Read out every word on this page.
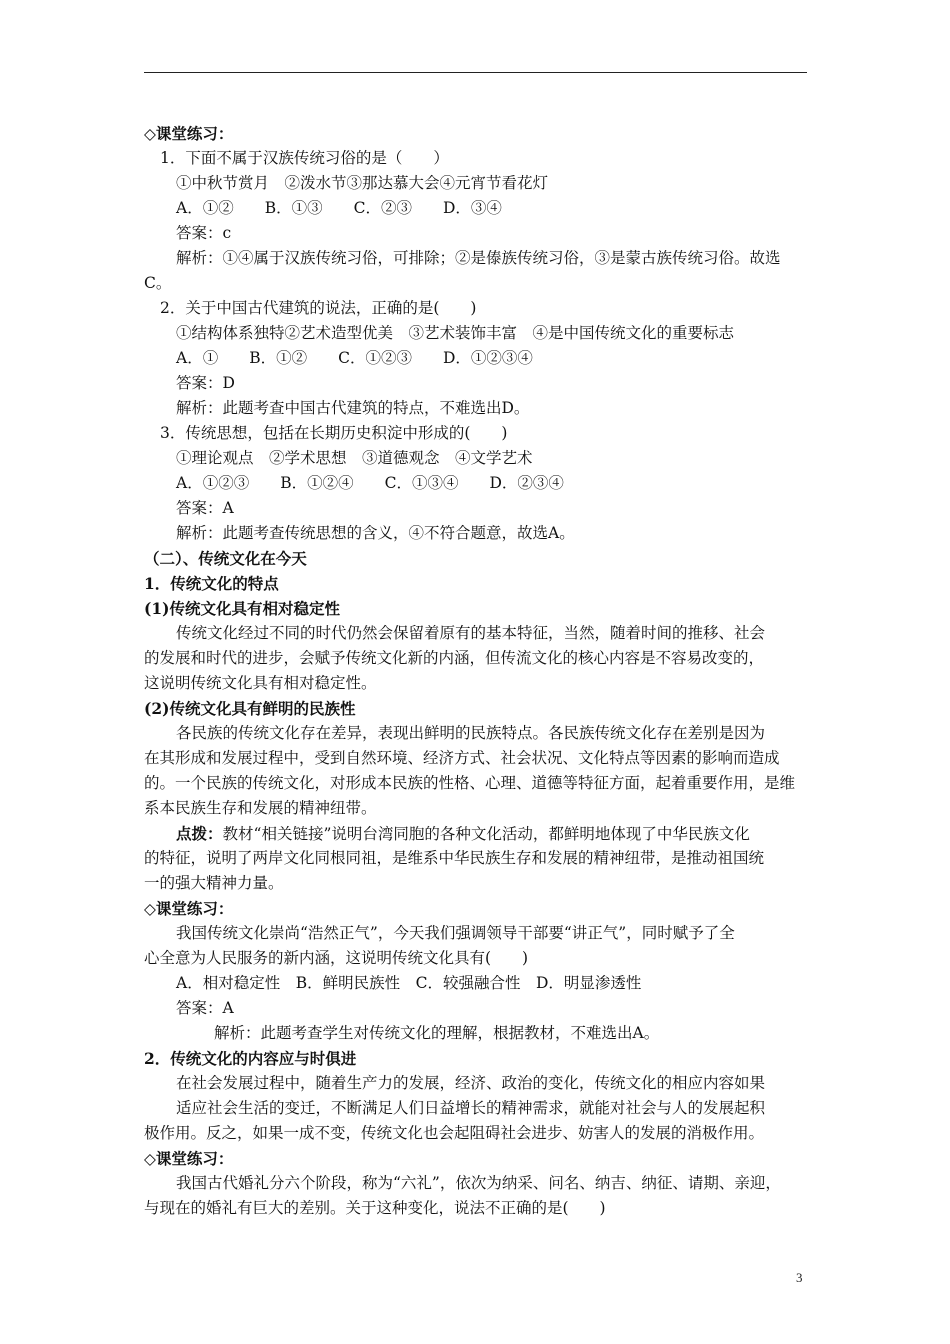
◇课堂练习：
1．下面不属于汉族传统习俗的是（　　）
①中秋节赏月　②泼水节③那达慕大会④元宵节看花灯
A．①②　　B．①③　　C．②③　　D．③④
答案：c
解析：①④属于汉族传统习俗，可排除；②是傣族传统习俗，③是蒙古族传统习俗。故选
C。
2．关于中国古代建筑的说法，正确的是(　　)
①结构体系独特②艺术造型优美　③艺术装饰丰富　④是中国传统文化的重要标志
A．①　　B．①②　　C．①②③　　D．①②③④
答案：D
解析：此题考查中国古代建筑的特点，不难选出D。
3．传统思想，包括在长期历史积淀中形成的(　　)
①理论观点　②学术思想　③道德观念　④文学艺术
A．①②③　　B．①②④　　C．①③④　　D．②③④
答案：A
解析：此题考查传统思想的含义，④不符合题意，故选A。
（二）、传统文化在今天
1．传统文化的特点
(1)传统文化具有相对稳定性
传统文化经过不同的时代仍然会保留着原有的基本特征，当然，随着时间的推移、社会
的发展和时代的进步，会赋予传统文化新的内涵，但传流文化的核心内容是不容易改变的，
这说明传统文化具有相对稳定性。
(2)传统文化具有鲜明的民族性
各民族的传统文化存在差异，表现出鲜明的民族特点。各民族传统文化存在差别是因为
在其形成和发展过程中，受到自然环境、经济方式、社会状况、文化特点等因素的影响而造成
的。一个民族的传统文化，对形成本民族的性格、心理、道德等特征方面，起着重要作用，是维
系本民族生存和发展的精神纽带。
点拨：教材“相关链接”说明台湾同胞的各种文化活动，都鲜明地体现了中华民族文化
的特征，说明了两岸文化同根同祖，是维系中华民族生存和发展的精神纽带，是推动祖国统
一的强大精神力量。
◇课堂练习：
我国传统文化崇尚“浩然正气”，今天我们强调领导干部要“讲正气”，同时赋予了全
心全意为人民服务的新内涵，这说明传统文化具有(　　)
A．相对稳定性　B．鲜明民族性　C．较强融合性　D．明显渗透性
答案：A
解析：此题考查学生对传统文化的理解，根据教材，不难选出A。
2．传统文化的内容应与时俱进
在社会发展过程中，随着生产力的发展，经济、政治的变化，传统文化的相应内容如果
适应社会生活的变迁，不断满足人们日益增长的精神需求，就能对社会与人的发展起积
极作用。反之，如果一成不变，传统文化也会起阻碍社会进步、妨害人的发展的消极作用。
◇课堂练习：
我国古代婚礼分六个阶段，称为“六礼”，依次为纳采、问名、纳吉、纳征、请期、亲迎，
与现在的婚礼有巨大的差别。关于这种变化，说法不正确的是(　　)
3
